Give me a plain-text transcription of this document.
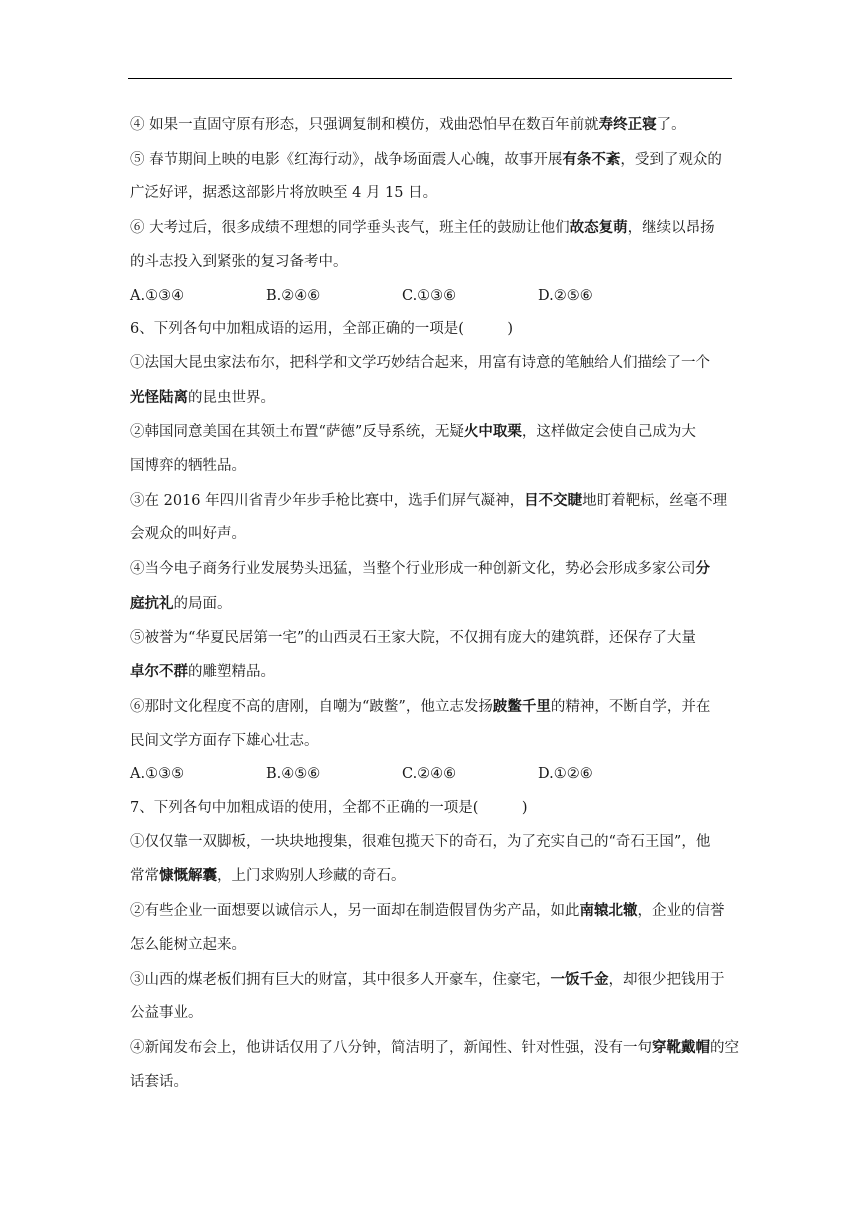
④ 如果一直固守原有形态，只强调复制和模仿，戏曲恐怕早在数百年前就寿终正寝了。
⑤ 春节期间上映的电影《红海行动》，战争场面震人心魄，故事开展有条不紊，受到了观众的
广泛好评，据悉这部影片将放映至 4 月 15 日。
⑥ 大考过后，很多成绩不理想的同学垂头丧气，班主任的鼓励让他们故态复萌，继续以昂扬
的斗志投入到紧张的复习备考中。
A.①③④	B.②④⑥	C.①③⑥	D.②⑤⑥
6、下列各句中加粗成语的运用，全部正确的一项是(　　　)
①法国大昆虫家法布尔，把科学和文学巧妙结合起来，用富有诗意的笔触给人们描绘了一个
光怪陆离的昆虫世界。
②韩国同意美国在其领土布置“萨德”反导系统，无疑火中取栗，这样做定会使自己成为大
国博弈的牺牲品。
③在 2016 年四川省青少年步手枪比赛中，选手们屏气凝神，目不交睫地盯着靶标，丝毫不理
会观众的叫好声。
④当今电子商务行业发展势头迅猛，当整个行业形成一种创新文化，势必会形成多家公司分
庭抗礼的局面。
⑤被誉为“华夏民居第一宅”的山西灵石王家大院，不仅拥有庞大的建筑群，还保存了大量
卓尔不群的雕塑精品。
⑥那时文化程度不高的唐刚，自嘲为“跛鳖”，他立志发扬跛鳖千里的精神，不断自学，并在
民间文学方面存下雄心壮志。
A.①③⑤	B.④⑤⑥	C.②④⑥	D.①②⑥
7、下列各句中加粗成语的使用，全都不正确的一项是(　　　)
①仅仅靠一双脚板，一块块地搜集，很难包揽天下的奇石，为了充实自己的“奇石王国”，他
常常慷慨解囊，上门求购别人珍藏的奇石。
②有些企业一面想要以诚信示人，另一面却在制造假冒伪劣产品，如此南辕北辙，企业的信誉
怎么能树立起来。
③山西的煤老板们拥有巨大的财富，其中很多人开豪车，住豪宅，一饭千金，却很少把钱用于
公益事业。
④新闻发布会上，他讲话仅用了八分钟，简洁明了，新闻性、针对性强，没有一句穿靴戴帽的空
话套话。
